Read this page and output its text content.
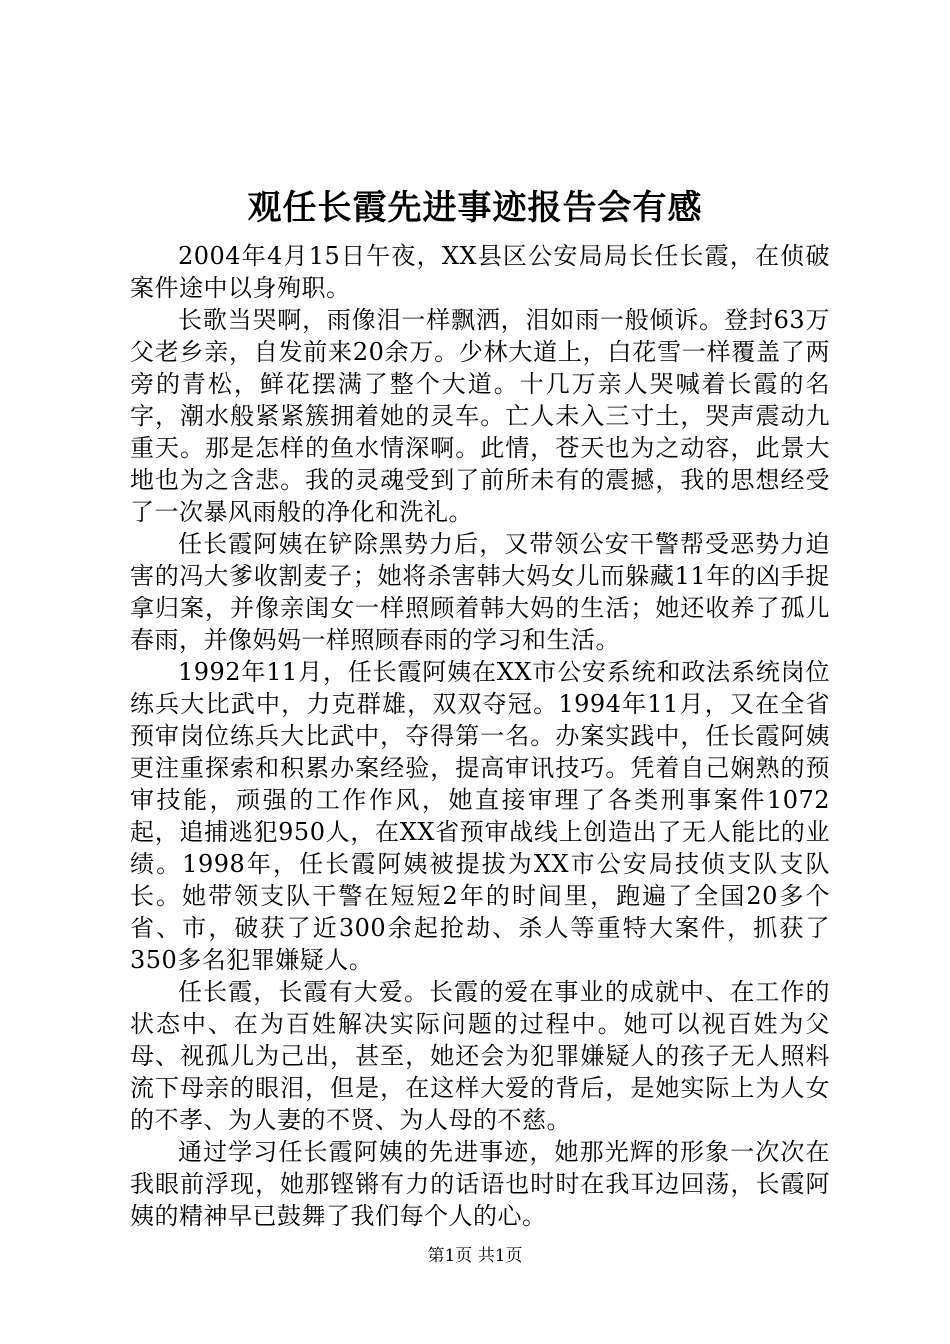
观任长霞先进事迹报告会有感

2004年4月15日午夜，XX县区公安局局长任长霞，在侦破案件途中以身殉职。

长歌当哭啊，雨像泪一样飘洒，泪如雨一般倾诉。登封63万父老乡亲，自发前来20余万。少林大道上，白花雪一样覆盖了两旁的青松，鲜花摆满了整个大道。十几万亲人哭喊着长霞的名字，潮水般紧紧簇拥着她的灵车。亡人未入三寸土，哭声震动九重天。那是怎样的鱼水情深啊。此情，苍天也为之动容，此景大地也为之含悲。我的灵魂受到了前所未有的震撼，我的思想经受了一次暴风雨般的净化和洗礼。

任长霞阿姨在铲除黑势力后，又带领公安干警帮受恶势力迫害的冯大爹收割麦子；她将杀害韩大妈女儿而躲藏11年的凶手捉拿归案，并像亲闺女一样照顾着韩大妈的生活；她还收养了孤儿春雨，并像妈妈一样照顾春雨的学习和生活。

1992年11月，任长霞阿姨在XX市公安系统和政法系统岗位练兵大比武中，力克群雄，双双夺冠。1994年11月，又在全省预审岗位练兵大比武中，夺得第一名。办案实践中，任长霞阿姨更注重探索和积累办案经验，提高审讯技巧。凭着自己娴熟的预审技能，顽强的工作作风，她直接审理了各类刑事案件1072起，追捕逃犯950人，在XX省预审战线上创造出了无人能比的业绩。1998年，任长霞阿姨被提拔为XX市公安局技侦支队支队长。她带领支队干警在短短2年的时间里，跑遍了全国20多个省、市，破获了近300余起抢劫、杀人等重特大案件，抓获了350多名犯罪嫌疑人。

任长霞，长霞有大爱。长霞的爱在事业的成就中、在工作的状态中、在为百姓解决实际问题的过程中。她可以视百姓为父母、视孤儿为己出，甚至，她还会为犯罪嫌疑人的孩子无人照料流下母亲的眼泪，但是，在这样大爱的背后，是她实际上为人女的不孝、为人妻的不贤、为人母的不慈。

通过学习任长霞阿姨的先进事迹，她那光辉的形象一次次在我眼前浮现，她那铿锵有力的话语也时时在我耳边回荡，长霞阿姨的精神早已鼓舞了我们每个人的心。

第1页 共1页
